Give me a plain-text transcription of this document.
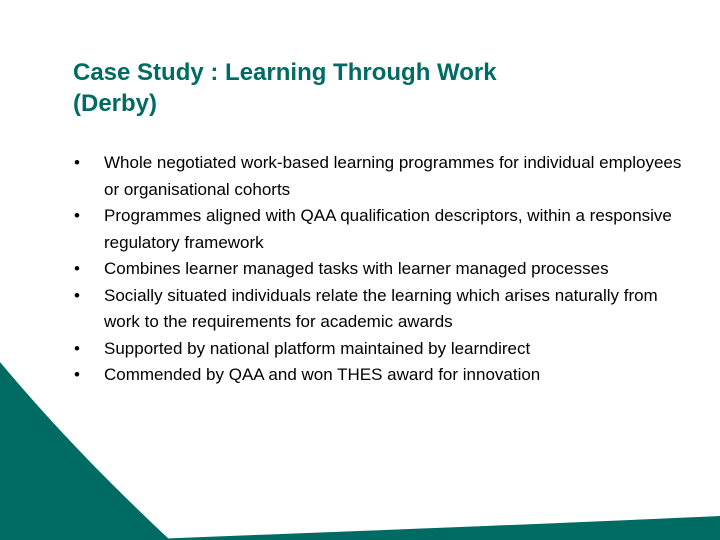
Case Study : Learning Through Work
(Derby)
• Whole negotiated work-based learning programmes for individual employees or organisational cohorts
• Programmes aligned with QAA qualification descriptors, within a responsive regulatory framework
• Combines learner managed tasks with learner managed processes
• Socially situated individuals relate the learning which arises naturally from work to the requirements for academic awards
• Supported by national platform maintained by learndirect
• Commended by QAA and won THES award for innovation
